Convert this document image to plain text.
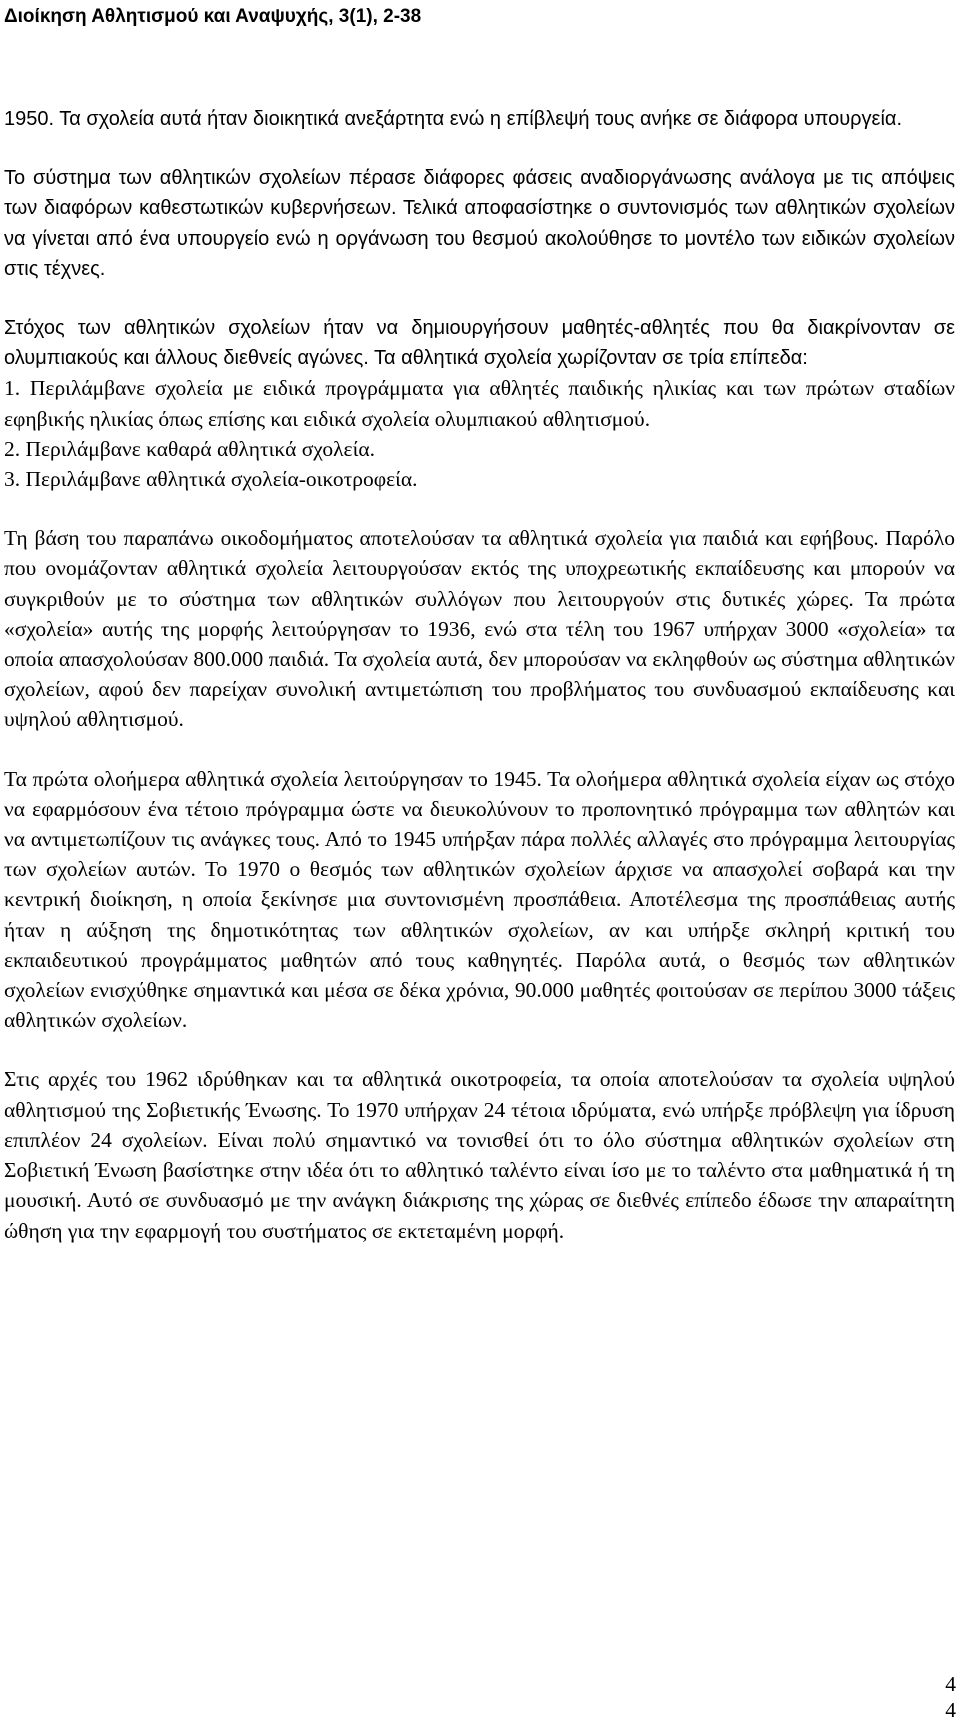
Διοίκηση Αθλητισμού και Αναψυχής, 3(1), 2-38

1950. Τα σχολεία αυτά ήταν διοικητικά ανεξάρτητα ενώ η επίβλεψή τους ανήκε σε διάφορα υπουργεία.

Το σύστημα των αθλητικών σχολείων πέρασε διάφορες φάσεις αναδιοργάνωσης ανάλογα με τις απόψεις των διαφόρων καθεστωτικών κυβερνήσεων. Τελικά αποφασίστηκε ο συντονισμός των αθλητικών σχολείων να γίνεται από ένα υπουργείο ενώ η οργάνωση του θεσμού ακολούθησε το μοντέλο των ειδικών σχολείων στις τέχνες.

Στόχος των αθλητικών σχολείων ήταν να δημιουργήσουν μαθητές-αθλητές που θα διακρίνονταν σε ολυμπιακούς και άλλους διεθνείς αγώνες. Τα αθλητικά σχολεία χωρίζονταν σε τρία επίπεδα:

1. Περιλάμβανε σχολεία με ειδικά προγράμματα για αθλητές παιδικής ηλικίας και των πρώτων σταδίων εφηβικής ηλικίας όπως επίσης και ειδικά σχολεία ολυμπιακού αθλητισμού.

2. Περιλάμβανε καθαρά αθλητικά σχολεία.

3. Περιλάμβανε αθλητικά σχολεία-οικοτροφεία.

Τη βάση του παραπάνω οικοδομήματος αποτελούσαν τα αθλητικά σχολεία για παιδιά και εφήβους. Παρόλο που ονομάζονταν αθλητικά σχολεία λειτουργούσαν εκτός της υποχρεωτικής εκπαίδευσης και μπορούν να συγκριθούν με το σύστημα των αθλητικών συλλόγων που λειτουργούν στις δυτικές χώρες. Τα πρώτα «σχολεία» αυτής της μορφής λειτούργησαν το 1936, ενώ στα τέλη του 1967 υπήρχαν 3000 «σχολεία» τα οποία απασχολούσαν 800.000 παιδιά. Τα σχολεία αυτά, δεν μπορούσαν να εκληφθούν ως σύστημα αθλητικών σχολείων, αφού δεν παρείχαν συνολική αντιμετώπιση του προβλήματος του συνδυασμού εκπαίδευσης και υψηλού αθλητισμού.

Τα πρώτα ολοήμερα αθλητικά σχολεία λειτούργησαν το 1945. Τα ολοήμερα αθλητικά σχολεία είχαν ως στόχο να εφαρμόσουν ένα τέτοιο πρόγραμμα ώστε να διευκολύνουν το προπονητικό πρόγραμμα των αθλητών και να αντιμετωπίζουν τις ανάγκες τους. Από το 1945 υπήρξαν πάρα πολλές αλλαγές στο πρόγραμμα λειτουργίας των σχολείων αυτών. Το 1970 ο θεσμός των αθλητικών σχολείων άρχισε να απασχολεί σοβαρά και την κεντρική διοίκηση, η οποία ξεκίνησε μια συντονισμένη προσπάθεια. Αποτέλεσμα της προσπάθειας αυτής ήταν η αύξηση της δημοτικότητας των αθλητικών σχολείων, αν και υπήρξε σκληρή κριτική του εκπαιδευτικού προγράμματος μαθητών από τους καθηγητές. Παρόλα αυτά, ο θεσμός των αθλητικών σχολείων ενισχύθηκε σημαντικά και μέσα σε δέκα χρόνια, 90.000 μαθητές φοιτούσαν σε περίπου 3000 τάξεις αθλητικών σχολείων.

Στις αρχές του 1962 ιδρύθηκαν και τα αθλητικά οικοτροφεία, τα οποία αποτελούσαν τα σχολεία υψηλού αθλητισμού της Σοβιετικής Ένωσης. Το 1970 υπήρχαν 24 τέτοια ιδρύματα, ενώ υπήρξε πρόβλεψη για ίδρυση επιπλέον 24 σχολείων. Είναι πολύ σημαντικό να τονισθεί ότι το όλο σύστημα αθλητικών σχολείων στη Σοβιετική Ένωση βασίστηκε στην ιδέα ότι το αθλητικό ταλέντο είναι ίσο με το ταλέντο στα μαθηματικά ή τη μουσική. Αυτό σε συνδυασμό με την ανάγκη διάκρισης της χώρας σε διεθνές επίπεδο έδωσε την απαραίτητη ώθηση για την εφαρμογή του συστήματος σε εκτεταμένη μορφή.

4
4
